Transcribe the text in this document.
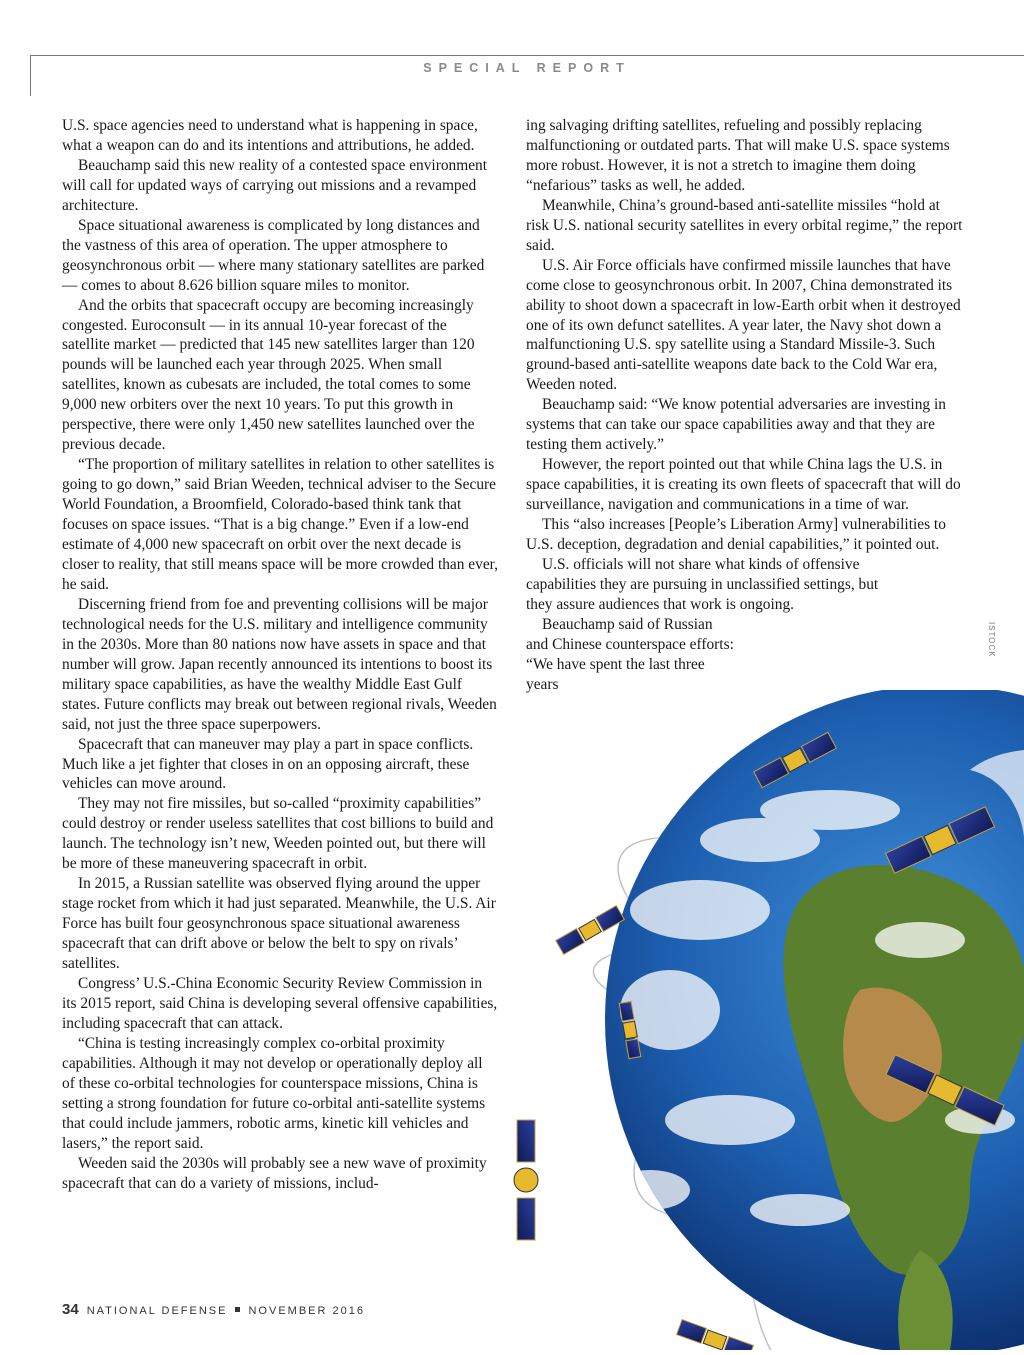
SPECIAL REPORT

U.S. space agencies need to understand what is happening in space, what a weapon can do and its intentions and attributions, he added.

Beauchamp said this new reality of a contested space environment will call for updated ways of carrying out missions and a revamped architecture.

Space situational awareness is complicated by long distances and the vastness of this area of operation. The upper atmosphere to geosynchronous orbit — where many stationary satellites are parked — comes to about 8.626 billion square miles to monitor.

And the orbits that spacecraft occupy are becoming increasingly congested. Euroconsult — in its annual 10-year forecast of the satellite market — predicted that 145 new satellites larger than 120 pounds will be launched each year through 2025. When small satellites, known as cubesats are included, the total comes to some 9,000 new orbiters over the next 10 years. To put this growth in perspective, there were only 1,450 new satellites launched over the previous decade.

“The proportion of military satellites in relation to other satellites is going to go down,” said Brian Weeden, technical adviser to the Secure World Foundation, a Broomfield, Colorado-based think tank that focuses on space issues. “That is a big change.” Even if a low-end estimate of 4,000 new spacecraft on orbit over the next decade is closer to reality, that still means space will be more crowded than ever, he said.

Discerning friend from foe and preventing collisions will be major technological needs for the U.S. military and intelligence community in the 2030s. More than 80 nations now have assets in space and that number will grow. Japan recently announced its intentions to boost its military space capabilities, as have the wealthy Middle East Gulf states. Future conflicts may break out between regional rivals, Weeden said, not just the three space superpowers.

Spacecraft that can maneuver may play a part in space conflicts. Much like a jet fighter that closes in on an opposing aircraft, these vehicles can move around.

They may not fire missiles, but so-called “proximity capabilities” could destroy or render useless satellites that cost billions to build and launch. The technology isn’t new, Weeden pointed out, but there will be more of these maneuvering spacecraft in orbit.

In 2015, a Russian satellite was observed flying around the upper stage rocket from which it had just separated. Meanwhile, the U.S. Air Force has built four geosynchronous space situational awareness spacecraft that can drift above or below the belt to spy on rivals’ satellites.

Congress’ U.S.-China Economic Security Review Commission in its 2015 report, said China is developing several offensive capabilities, including spacecraft that can attack.

“China is testing increasingly complex co-orbital proximity capabilities. Although it may not develop or operationally deploy all of these co-orbital technologies for counterspace missions, China is setting a strong foundation for future co-orbital anti-satellite systems that could include jammers, robotic arms, kinetic kill vehicles and lasers,” the report said.

Weeden said the 2030s will probably see a new wave of proximity spacecraft that can do a variety of missions, includ-

ing salvaging drifting satellites, refueling and possibly replacing malfunctioning or outdated parts. That will make U.S. space systems more robust. However, it is not a stretch to imagine them doing “nefarious” tasks as well, he added.

Meanwhile, China’s ground-based anti-satellite missiles “hold at risk U.S. national security satellites in every orbital regime,” the report said.

U.S. Air Force officials have confirmed missile launches that have come close to geosynchronous orbit. In 2007, China demonstrated its ability to shoot down a spacecraft in low-Earth orbit when it destroyed one of its own defunct satellites. A year later, the Navy shot down a malfunctioning U.S. spy satellite using a Standard Missile-3. Such ground-based anti-satellite weapons date back to the Cold War era, Weeden noted.

Beauchamp said: “We know potential adversaries are investing in systems that can take our space capabilities away and that they are testing them actively.”

However, the report pointed out that while China lags the U.S. in space capabilities, it is creating its own fleets of spacecraft that will do surveillance, navigation and communications in a time of war.

This “also increases [People’s Liberation Army] vulnerabilities to U.S. deception, degradation and denial capabilities,” it pointed out.

U.S. officials will not share what kinds of offensive capabilities they are pursuing in unclassified settings, but they assure audiences that work is ongoing.

Beauchamp said of Russian and Chinese counterspace efforts: “We have spent the last three years

ISTOCK
34 NATIONAL DEFENSE NOVEMBER 2016
